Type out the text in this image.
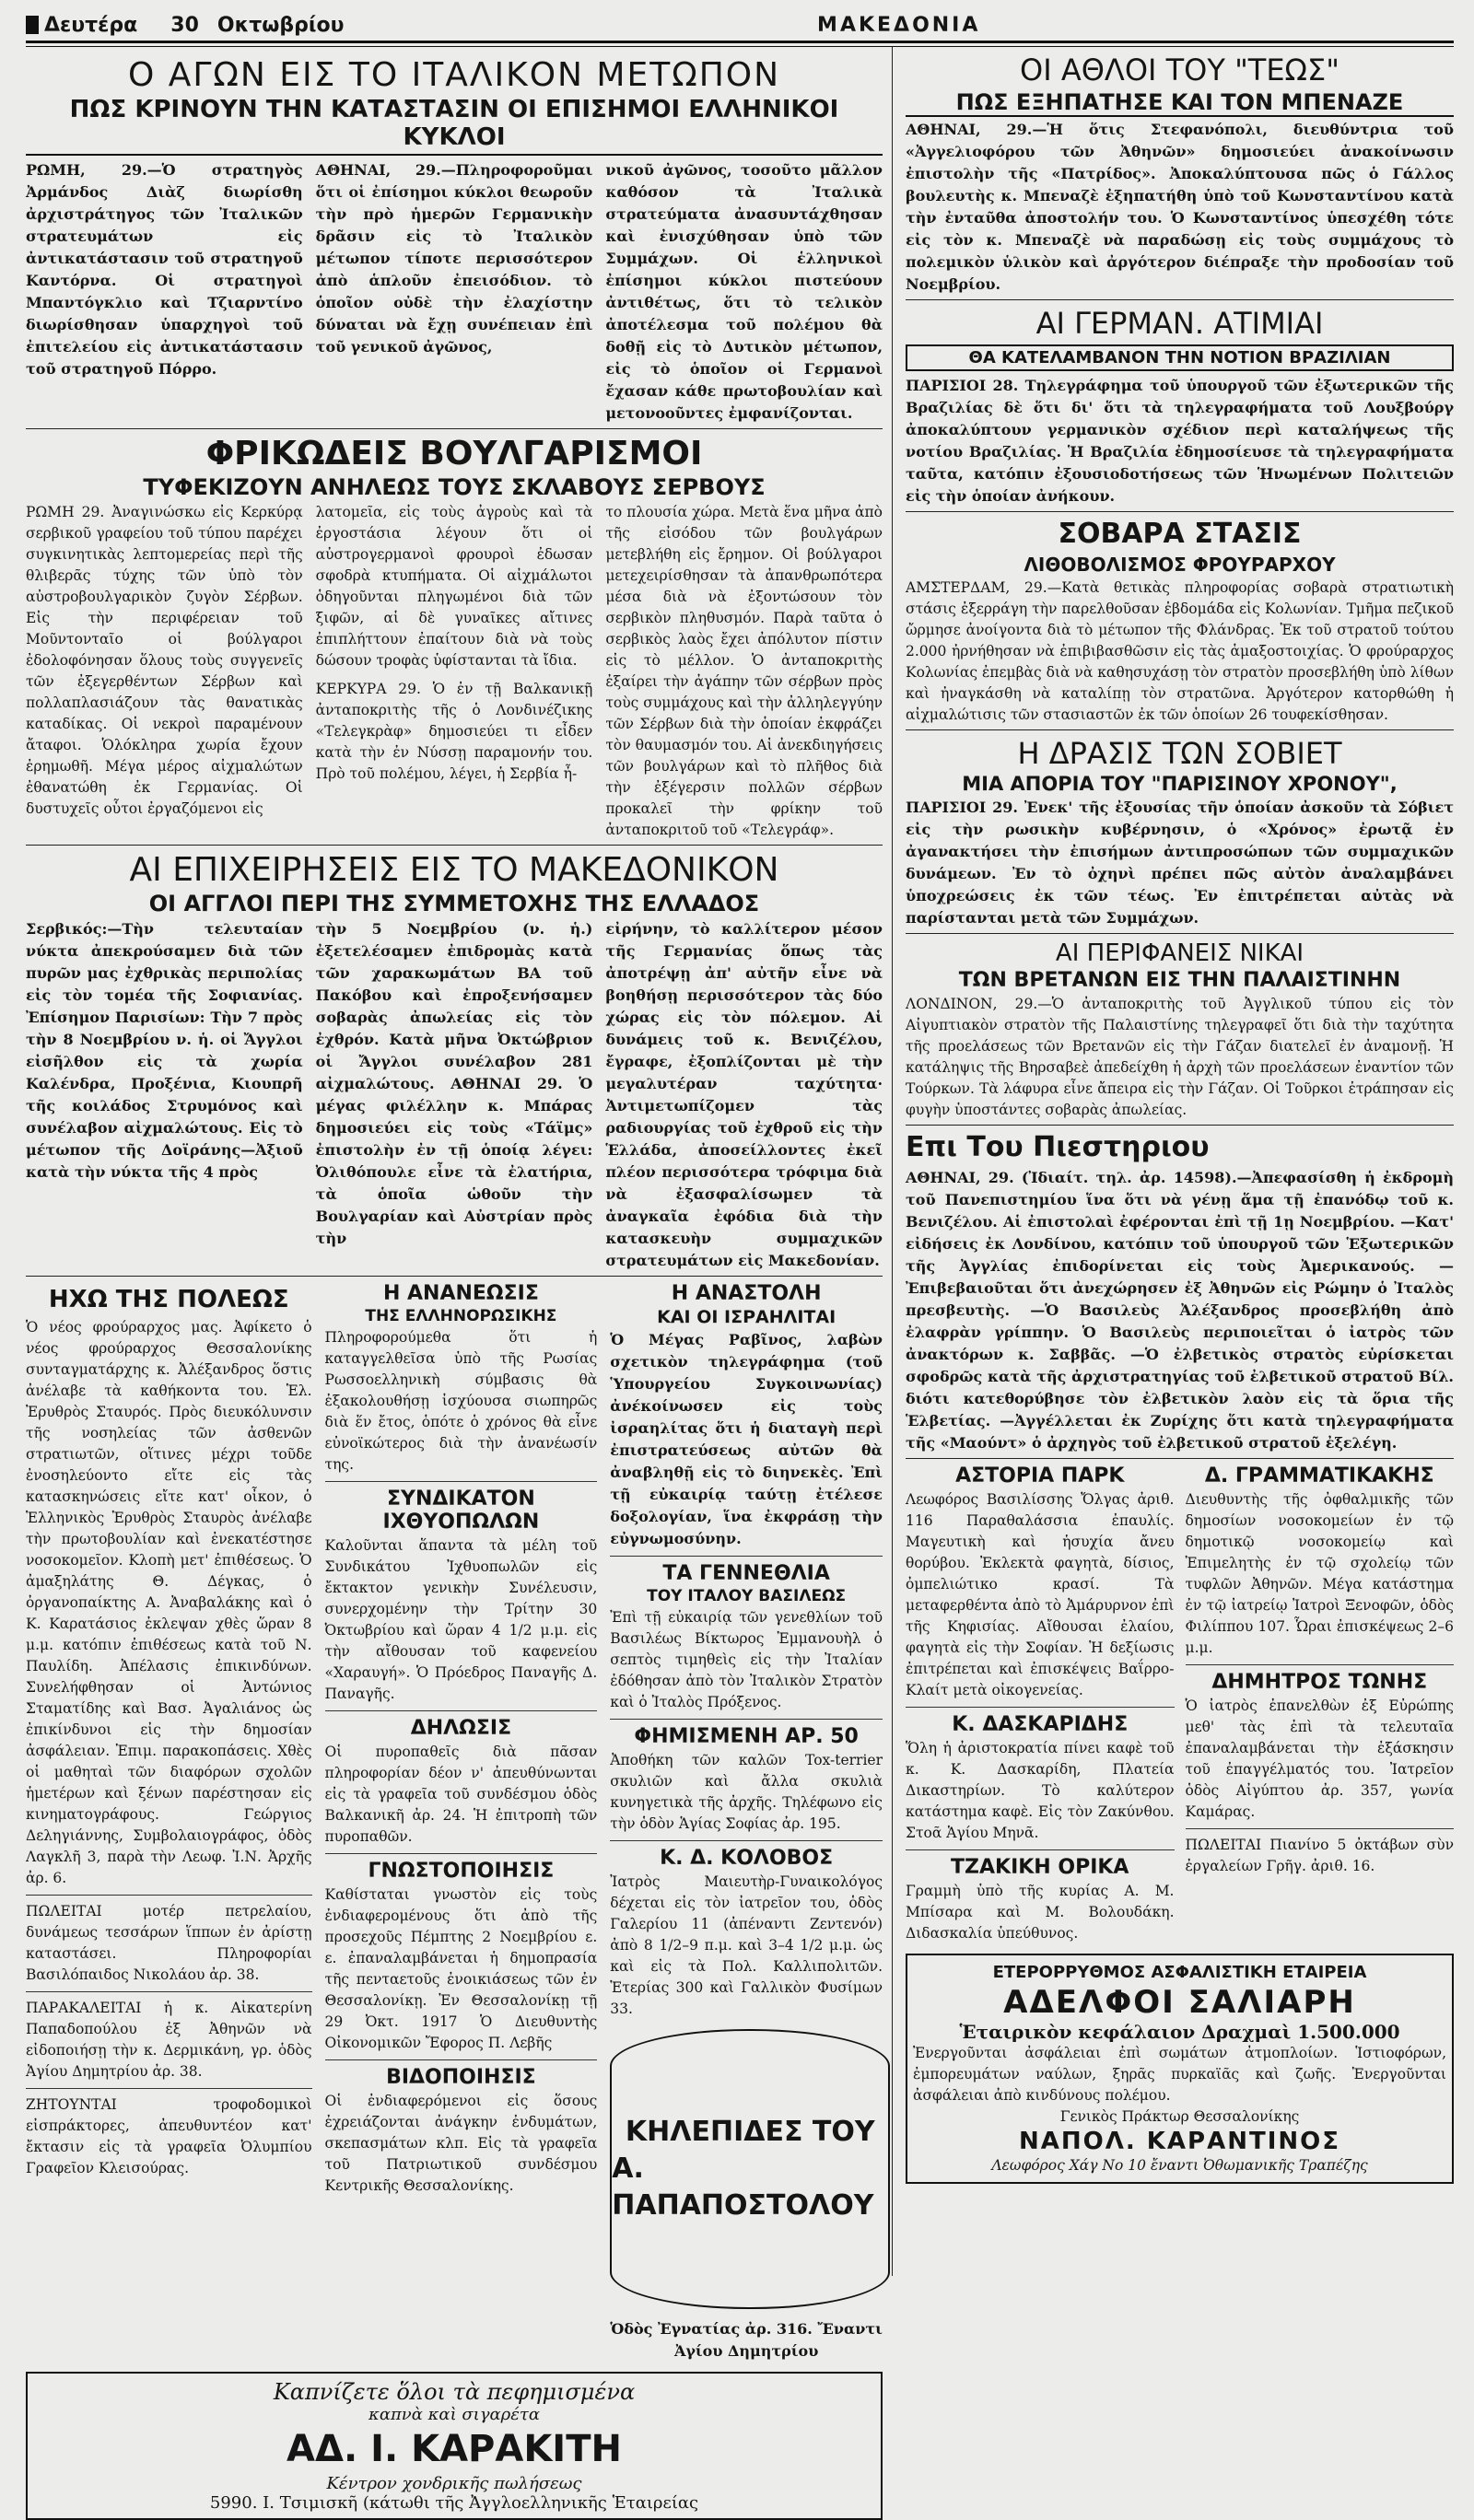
Δευτέρα 30 Οκτωβρίου	ΜΑΚΕΔΟΝΙΑ
Ο ΑΓΩΝ ΕΙΣ ΤΟ ΙΤΑΛΙΚΟΝ ΜΕΤΩΠΟΝ
ΠΩΣ ΚΡΙΝΟΥΝ ΤΗΝ ΚΑΤΑΣΤΑΣΙΝ ΟΙ ΕΠΙΣΗΜΟΙ ΕΛΛΗΝΙΚΟΙ ΚΥΚΛΟΙ

ΡΩΜΗ, 29.—Ὁ στρατηγὸς Ἀρμάνδος Διὰζ διωρίσθη ἀρχιστράτηγος τῶν Ἰταλικῶν στρατευμάτων εἰς ἀντικατάστασιν τοῦ στρατηγοῦ Καντόρνα. Οἱ στρατηγοὶ Μπαντόγκλιο καὶ Τζιαρντίνο διωρίσθησαν ὑπαρχηγοὶ τοῦ ἐπιτελείου εἰς ἀντικατάστασιν τοῦ στρατηγοῦ Πόρρο.

ΑΘΗΝΑΙ, 29.—Πληροφοροῦμαι ὅτι οἱ ἐπίσημοι κύκλοι θεωροῦν τὴν πρὸ ἡμερῶν Γερμανικὴν δρᾶσιν εἰς τὸ Ἰταλικὸν μέτωπον τίποτε περισσότερον ἀπὸ ἁπλοῦν ἐπεισόδιον. τὸ ὁποῖον οὐδὲ τὴν ἐλαχίστην δύναται νὰ ἔχῃ συνέπειαν ἐπὶ τοῦ γενικοῦ ἀγῶνος,

νικοῦ ἀγῶνος, τοσοῦτο μᾶλλον καθόσον τὰ Ἰταλικὰ στρατεύματα ἀνασυντάχθησαν καὶ ἐνισχύθησαν ὑπὸ τῶν Συμμάχων. Οἱ ἑλληνικοὶ ἐπίσημοι κύκλοι πιστεύουν ἀντιθέτως, ὅτι τὸ τελικὸν ἀποτέλεσμα τοῦ πολέμου θὰ δοθῇ εἰς τὸ Δυτικὸν μέτωπον, εἰς τὸ ὁποῖον οἱ Γερμανοὶ ἔχασαν κάθε πρωτοβουλίαν καὶ μετονοοῦντες ἐμφανίζονται.

ΦΡΙΚΩΔΕΙΣ ΒΟΥΛΓΑΡΙΣΜΟΙ
ΤΥΦΕΚΙΖΟΥΝ ΑΝΗΛΕΩΣ ΤΟΥΣ ΣΚΛΑΒΟΥΣ ΣΕΡΒΟΥΣ

ΡΩΜΗ 29. Ἀναγινώσκω εἰς Κερκύρᾳ σερβικοῦ γραφείου τοῦ τύπου παρέχει συγκινητικὰς λεπτομερείας περὶ τῆς θλιβερᾶς τύχης τῶν ὑπὸ τὸν αὐστροβουλγαρικὸν ζυγὸν Σέρβων. Εἰς τὴν περιφέρειαν τοῦ Μοῦντονταῖο οἱ βούλγαροι ἐδολοφόνησαν ὅλους τοὺς συγγενεῖς τῶν ἐξεγερθέντων Σέρβων καὶ πολλαπλασιάζουν τὰς θανατικὰς καταδίκας. Οἱ νεκροὶ παραμένουν ἄταφοι. Ὁλόκληρα χωρία ἔχουν ἐρημωθῆ. Μέγα μέρος αἰχμαλώτων ἐθανατώθη ἐκ Γερμανίας. Οἱ δυστυχεῖς οὗτοι ἐργαζόμενοι εἰς

λατομεῖα, εἰς τοὺς ἀγροὺς καὶ τὰ ἐργοστάσια λέγουν ὅτι οἱ αὐστρογερμανοὶ φρουροὶ ἐδωσαν σφοδρὰ κτυπήματα. Οἱ αἰχμάλωτοι ὁδηγοῦνται πληγωμένοι διὰ τῶν ξιφῶν, αἱ δὲ γυναῖκες αἴτινες ἐπιπλήττουν ἐπαίτουν διὰ νὰ τοὺς δώσουν τροφὰς ὑφίστανται τὰ ἴδια.

ΚΕΡΚΥΡΑ 29. Ὁ ἐν τῇ Βαλκανικῇ ἀνταποκριτὴς τῆς ὁ Λονδινέζικης «Τελεγκρὰφ» δημοσιεύει τι εἶδεν κατὰ τὴν ἐν Νύσσῃ παραμονήν του. Πρὸ τοῦ πολέμου, λέγει, ἡ Σερβία ἦ-

το πλουσία χώρα. Μετὰ ἕνα μῆνα ἀπὸ τῆς εἰσόδου τῶν βουλγάρων μετεβλήθη εἰς ἔρημον. Οἱ βούλγαροι μετεχειρίσθησαν τὰ ἀπανθρωπότερα μέσα διὰ νὰ ἐξοντώσουν τὸν σερβικὸν πληθυσμόν. Παρὰ ταῦτα ὁ σερβικὸς λαὸς ἔχει ἀπόλυτον πίστιν εἰς τὸ μέλλον. Ὁ ἀνταποκριτὴς ἐξαίρει τὴν ἀγάπην τῶν σέρβων πρὸς τοὺς συμμάχους καὶ τὴν ἀλληλεγγύην τῶν Σέρβων διὰ τὴν ὁποίαν ἐκφράζει τὸν θαυμασμόν του. Αἱ ἀνεκδιηγήσεις τῶν βουλγάρων καὶ τὸ πλῆθος διὰ τὴν ἐξέγερσιν πολλῶν σέρβων προκαλεῖ τὴν φρίκην τοῦ ἀνταποκριτοῦ τοῦ «Τελεγράφ».

ΑΙ ΕΠΙΧΕΙΡΗΣΕΙΣ ΕΙΣ ΤΟ ΜΑΚΕΔΟΝΙΚΟΝ
ΟΙ ΑΓΓΛΟΙ ΠΕΡΙ ΤΗΣ ΣΥΜΜΕΤΟΧΗΣ ΤΗΣ ΕΛΛΑΔΟΣ

Σερβικός:—Τὴν τελευταίαν νύκτα ἀπεκρούσαμεν διὰ τῶν πυρῶν μας ἐχθρικὰς περιπολίας εἰς τὸν τομέα τῆς Σοφιανίας. Ἐπίσημον Παρισίων: Τὴν 7 πρὸς τὴν 8 Νοεμβρίου ν. ἡ. οἱ Ἄγγλοι εἰσῆλθον εἰς τὰ χωρία Καλένδρα, Προξένια, Κιουπρῆ τῆς κοιλάδος Στρυμόνος καὶ συνέλαβον αἰχμαλώτους. Εἰς τὸ μέτωπον τῆς Δοϊράνης—Ἀξιοῦ κατὰ τὴν νύκτα τῆς 4 πρὸς

τὴν 5 Νοεμβρίου (ν. ἡ.) ἐξετελέσαμεν ἐπιδρομὰς κατὰ τῶν χαρακωμάτων ΒΑ τοῦ Πακόβου καὶ ἐπροξενήσαμεν σοβαρὰς ἀπωλείας εἰς τὸν ἐχθρόν. Κατὰ μῆνα Ὀκτώβριον οἱ Ἄγγλοι συνέλαβον 281 αἰχμαλώτους. ΑΘΗΝΑΙ 29. Ὁ μέγας φιλέλλην κ. Μπάρας δημοσιεύει εἰς τοὺς «Τάϊμς» ἐπιστολὴν ἐν τῇ ὁποίᾳ λέγει: Ὀλιθόπουλε εἶνε τὰ ἐλατήρια, τὰ ὁποῖα ὡθοῦν τὴν Βουλγαρίαν καὶ Αὐστρίαν πρὸς τὴν

εἰρήνην, τὸ καλλίτερον μέσον τῆς Γερμανίας ὅπως τὰς ἀποτρέψῃ ἀπ' αὐτῆν εἶνε νὰ βοηθήσῃ περισσότερον τὰς δύο χώρας εἰς τὸν πόλεμον. Αἱ δυνάμεις τοῦ κ. Βενιζέλου, ἔγραφε, ἐξοπλίζονται μὲ τὴν μεγαλυτέραν ταχύτητα· Ἀντιμετωπίζομεν τὰς ραδιουργίας τοῦ ἐχθροῦ εἰς τὴν Ἑλλάδα, ἀποσείλλοντες ἐκεῖ πλέον περισσότερα τρόφιμα διὰ νὰ ἐξασφαλίσωμεν τὰ ἀναγκαῖα ἐφόδια διὰ τὴν κατασκευὴν συμμαχικῶν στρατευμάτων εἰς Μακεδονίαν.

ΗΧΩ ΤΗΣ ΠΟΛΕΩΣ

Ὁ νέος φρούραρχος μας. Ἀφίκετο ὁ νέος φρούραρχος Θεσσαλονίκης συνταγματάρχης κ. Ἀλέξανδρος ὅστις ἀνέλαβε τὰ καθήκοντα του. Ἑλ. Ἐρυθρὸς Σταυρός. Πρὸς διευκόλυνσιν τῆς νοσηλείας τῶν ἀσθενῶν στρατιωτῶν, οἵτινες μέχρι τοῦδε ἐνοσηλεύοντο εἴτε εἰς τὰς κατασκηνώσεις εἴτε κατ' οἶκον, ὁ Ἑλληνικὸς Ἐρυθρὸς Σταυρὸς ἀνέλαβε τὴν πρωτοβουλίαν καὶ ἐνεκατέστησε νοσοκομεῖον. Κλοπὴ μετ' ἐπιθέσεως. Ὁ ἀμαξηλάτης Θ. Δέγκας, ὁ ὀργανοπαίκτης Α. Ἀναβαλάκης καὶ ὁ Κ. Καρατάσιος ἐκλεψαν χθὲς ὥραν 8 μ.μ. κατόπιν ἐπιθέσεως κατὰ τοῦ Ν. Παυλίδη. Ἀπέλασις ἐπικινδύνων. Συνελήφθησαν οἱ Ἀντώνιος Σταματίδης καὶ Βασ. Ἀγαλιάνος ὡς ἐπικίνδυνοι εἰς τὴν δημοσίαν ἀσφάλειαν. Ἐπιμ. παρακοπάσεις. Χθὲς οἱ μαθηταὶ τῶν διαφόρων σχολῶν ἡμετέρων καὶ ξένων παρέστησαν εἰς κινηματογράφους. Γεώργιος Δεληγιάννης, Συμβολαιογράφος, ὁδὸς Λαγκλῆ 3, παρὰ τὴν Λεωφ. Ἰ.Ν. Ἀρχῆς ἀρ. 6.

ΠΩΛΕΙΤΑΙ μοτέρ πετρελαίου, δυνάμεως τεσσάρων ἵππων ἐν ἀρίστῃ καταστάσει. Πληροφορίαι Βασιλόπαιδος Νικολάου ἀρ. 38.

ΠΑΡΑΚΑΛΕΙΤΑΙ ἡ κ. Αἰκατερίνη Παπαδοπούλου ἐξ Ἀθηνῶν νὰ εἰδοποιήσῃ τὴν κ. Δερμικάνη, γρ. ὁδὸς Ἀγίου Δημητρίου ἀρ. 38.

ΖΗΤΟΥΝΤΑΙ τροφοδομικοὶ εἰσπράκτορες, ἀπευθυντέον κατ' ἔκτασιν εἰς τὰ γραφεῖα Ὀλυμπίου Γραφεῖον Κλεισούρας.

Η ΑΝΑΝΕΩΣΙΣ
ΤΗΣ ΕΛΛΗΝΟΡΩΣΙΚΗΣ

Πληροφορούμεθα ὅτι ἡ καταγγελθεῖσα ὑπὸ τῆς Ρωσίας Ρωσσοελληνικὴ σύμβασις θὰ ἐξακολουθήσῃ ἰσχύουσα σιωπηρῶς διὰ ἕν ἔτος, ὁπότε ὁ χρόνος θὰ εἶνε εὐνοϊκώτερος διὰ τὴν ἀνανέωσίν της.

ΣΥΝΔΙΚΑΤΟΝ ΙΧΘΥΟΠΩΛΩΝ

Καλοῦνται ἅπαντα τὰ μέλη τοῦ Συνδικάτου Ἰχθυοπωλῶν εἰς ἔκτακτον γενικὴν Συνέλευσιν, συνερχομένην τὴν Τρίτην 30 Ὀκτωβρίου καὶ ὥραν 4 1/2 μ.μ. εἰς τὴν αἴθουσαν τοῦ καφενείου «Χαραυγή». Ὁ Πρόεδρος Παναγῆς Δ. Παναγῆς.

ΔΗΛΩΣΙΣ

Οἱ πυροπαθεῖς διὰ πᾶσαν πληροφορίαν δέον ν' ἀπευθύνωνται εἰς τὰ γραφεῖα τοῦ συνδέσμου ὁδὸς Βαλκανικῆ ἀρ. 24. Ἡ ἐπιτροπὴ τῶν πυροπαθῶν.

ΓΝΩΣΤΟΠΟΙΗΣΙΣ

Καθίσταται γνωστὸν εἰς τοὺς ἐνδιαφερομένους ὅτι ἀπὸ τῆς προσεχοῦς Πέμπτης 2 Νοεμβρίου ε. ε. ἐπαναλαμβάνεται ἡ δημοπρασία τῆς πενταετοῦς ἐνοικιάσεως τῶν ἐν Θεσσαλονίκῃ. Ἐν Θεσσαλονίκῃ τῇ 29 Ὀκτ. 1917 Ὁ Διευθυντὴς Οἰκονομικῶν Ἔφορος Π. Λεβῆς

ΒΙΔΟΠΟΙΗΣΙΣ

Οἱ ἐνδιαφερόμενοι εἰς ὅσους ἐχρειάζονται ἀνάγκην ἐνδυμάτων, σκεπασμάτων κλπ. Εἰς τὰ γραφεῖα τοῦ Πατριωτικοῦ συνδέσμου Κεντρικῆς Θεσσαλονίκης.

Η ΑΝΑΣΤΟΛΗ
ΚΑΙ ΟΙ ΙΣΡΑΗΛΙΤΑΙ

Ὁ Μέγας Ραβῖνος, λαβὼν σχετικὸν τηλεγράφημα (τοῦ Ὑπουργείου Συγκοινωνίας) ἀνέκοίνωσεν εἰς τοὺς ἰσραηλίτας ὅτι ἡ διαταγὴ περὶ ἐπιστρατεύσεως αὐτῶν θὰ ἀναβληθῇ εἰς τὸ διηνεκὲς. Ἐπὶ τῇ εὐκαιρίᾳ ταύτῃ ἐτέλεσε δοξολογίαν, ἵνα ἐκφράσῃ τὴν εὐγνωμοσύνην.

ΤΑ ΓΕΝΝΕΘΛΙΑ
ΤΟΥ ΙΤΑΛΟΥ ΒΑΣΙΛΕΩΣ

Ἐπὶ τῇ εὐκαιρίᾳ τῶν γενεθλίων τοῦ Βασιλέως Βίκτωρος Ἐμμανουὴλ ὁ σεπτὸς τιμηθεὶς εἰς τὴν Ἰταλίαν ἐδόθησαν ἀπὸ τὸν Ἰταλικὸν Στρατὸν καὶ ὁ Ἰταλὸς Πρόξενος.

ΦΗΜΙΣΜΕΝΗ ΑΡ. 50

Ἀποθήκη τῶν καλῶν Tox-terrier σκυλιῶν καὶ ἄλλα σκυλιὰ κυνηγετικὰ τῆς ἀρχῆς. Τηλέφωνο εἰς τὴν ὁδὸν Ἁγίας Σοφίας ἀρ. 195.

Κ. Δ. ΚΟΛΟΒΟΣ

Ἰατρὸς Μαιευτὴρ-Γυναικολόγος δέχεται εἰς τὸν ἰατρεῖον του, ὁδὸς Γαλερίου 11 (ἀπέναντι Ζεντενόν) ἀπὸ 8 1/2–9 π.μ. καὶ 3–4 1/2 μ.μ. ὡς καὶ εἰς τὰ Πολ. Καλλιπολιτῶν. Ἑτερίας 300 καὶ Γαλλικὸν Φυσίμων 33.

ΚΗΛΕΠΙΔΕΣ ΤΟΥ
Α. ΠΑΠΑΠΟΣΤΟΛΟΥ

Ὁδὸς Ἐγνατίας ἀρ. 316. Ἔναντι Ἀγίου Δημητρίου

Καπνίζετε ὅλοι τὰ πεφημισμένα
καπνὰ καὶ σιγαρέτα
ΑΔ. Ι. ΚΑΡΑΚΙΤΗ
Κέντρον χονδρικῆς πωλήσεως
5990. Ι. Τσιμισκῆ (κάτωθι τῆς Ἀγγλοελληνικῆς Ἑταιρείας
ΟΙ ΑΘΛΟΙ ΤΟΥ "ΤΕΩΣ"
ΠΩΣ ΕΞΗΠΑΤΗΣΕ ΚΑΙ ΤΟΝ ΜΠΕΝΑΖΕ

ΑΘΗΝΑΙ, 29.—Ἡ ὅτις Στεφανόπολι, διευθύντρια τοῦ «Ἀγγελιοφόρου τῶν Ἀθηνῶν» δημοσιεύει ἀνακοίνωσιν ἐπιστολὴν τῆς «Πατρίδος». Ἀποκαλύπτουσα πῶς ὁ Γάλλος βουλευτὴς κ. Μπεναζὲ ἐξηπατήθη ὑπὸ τοῦ Κωνσταντίνου κατὰ τὴν ἐνταῦθα ἀποστολήν του. Ὁ Κωνσταντίνος ὑπεσχέθη τότε εἰς τὸν κ. Μπεναζὲ νὰ παραδώσῃ εἰς τοὺς συμμάχους τὸ πολεμικὸν ὑλικὸν καὶ ἀργότερον διέπραξε τὴν προδοσίαν τοῦ Νοεμβρίου.

ΑΙ ΓΕΡΜΑΝ. ΑΤΙΜΙΑΙ
ΘΑ ΚΑΤΕΛΑΜΒΑΝΟΝ ΤΗΝ ΝΟΤΙΟΝ ΒΡΑΖΙΛΙΑΝ

ΠΑΡΙΣΙΟΙ 28. Τηλεγράφημα τοῦ ὑπουργοῦ τῶν ἐξωτερικῶν τῆς Βραζιλίας δὲ ὅτι δι' ὅτι τὰ τηλεγραφήματα τοῦ Λουξβούργ ἀποκαλύπτουν γερμανικὸν σχέδιον περὶ καταλήψεως τῆς νοτίου Βραζιλίας. Ἡ Βραζιλία ἐδημοσίευσε τὰ τηλεγραφήματα ταῦτα, κατόπιν ἐξουσιοδοτήσεως τῶν Ἡνωμένων Πολιτειῶν εἰς τὴν ὁποίαν ἀνήκουν.

ΣΟΒΑΡΑ ΣΤΑΣΙΣ
ΛΙΘΟΒΟΛΙΣΜΟΣ ΦΡΟΥΡΑΡΧΟΥ

ΑΜΣΤΕΡΔΑΜ, 29.—Κατὰ θετικὰς πληροφορίας σοβαρὰ στρατιωτικὴ στάσις ἐξερράγη τὴν παρελθοῦσαν ἐβδομάδα εἰς Κολωνίαν. Τμῆμα πεζικοῦ ὤρμησε ἀνοίγοντα διὰ τὸ μέτωπον τῆς Φλάνδρας. Ἐκ τοῦ στρατοῦ τούτου 2.000 ἠρνήθησαν νὰ ἐπιβιβασθῶσιν εἰς τὰς ἁμαξοστοιχίας. Ὁ φρούραρχος Κολωνίας ἐπεμβὰς διὰ νὰ καθησυχάσῃ τὸν στρατὸν προσεβλήθη ὑπὸ λίθων καὶ ἠναγκάσθη νὰ καταλίπῃ τὸν στρατῶνα. Ἀργότερον κατορθώθη ἡ αἰχμαλώτισις τῶν στασιαστῶν ἐκ τῶν ὁποίων 26 τουφεκίσθησαν.

Η ΔΡΑΣΙΣ ΤΩΝ ΣΟΒΙΕΤ
ΜΙΑ ΑΠΟΡΙΑ ΤΟΥ "ΠΑΡΙΣΙΝΟΥ ΧΡΟΝΟΥ",

ΠΑΡΙΣΙΟΙ 29. Ἐνεκ' τῆς ἐξουσίας τῆν ὁποίαν ἀσκοῦν τὰ Σόβιετ εἰς τὴν ρωσικὴν κυβέρνησιν, ὁ «Χρόνος» ἐρωτᾷ ἐν ἀγανακτήσει τὴν ἐπισήμων ἀντιπροσώπων τῶν συμμαχικῶν δυνάμεων. Ἐν τὸ ὀχηνὶ πρέπει πῶς αὐτὸν ἀναλαμβάνει ὑποχρεώσεις ἐκ τῶν τέως. Ἐν ἐπιτρέπεται αὐτὰς νὰ παρίστανται μετὰ τῶν Συμμάχων.

ΑΙ ΠΕΡΙΦΑΝΕΙΣ ΝΙΚΑΙ
ΤΩΝ ΒΡΕΤΑΝΩΝ ΕΙΣ ΤΗΝ ΠΑΛΑΙΣΤΙΝΗΝ

ΛΟΝΔΙΝΟΝ, 29.—Ὁ ἀνταποκριτὴς τοῦ Ἀγγλικοῦ τύπου εἰς τὸν Αἰγυπτιακὸν στρατὸν τῆς Παλαιστίνης τηλεγραφεῖ ὅτι διὰ τὴν ταχύτητα τῆς προελάσεως τῶν Βρετανῶν εἰς τὴν Γάζαν διατελεῖ ἐν ἀναμονῇ. Ἡ κατάληψις τῆς Βηρσαβεὲ ἀπεδείχθη ἡ ἀρχὴ τῶν προελάσεων ἐναντίον τῶν Τούρκων. Τὰ λάφυρα εἶνε ἄπειρα εἰς τὴν Γάζαν. Οἱ Τοῦρκοι ἐτράπησαν εἰς φυγὴν ὑποστάντες σοβαρὰς ἀπωλείας.

Επι Του Πιεστηριου

ΑΘΗΝΑΙ, 29. (Ἰδιαίτ. τηλ. ἀρ. 14598).—Ἀπεφασίσθη ἡ ἐκδρομὴ τοῦ Πανεπιστημίου ἵνα ὅτι νὰ γένῃ ἅμα τῇ ἐπανόδῳ τοῦ κ. Βενιζέλου. Αἱ ἐπιστολαὶ ἐφέρονται ἐπὶ τῇ 1ῃ Νοεμβρίου. —Κατ' εἰδήσεις ἐκ Λονδίνου, κατόπιν τοῦ ὑπουργοῦ τῶν Ἑξωτερικῶν τῆς Ἀγγλίας ἐπιδορίνεται εἰς τοὺς Ἀμερικανούς. —Ἐπιβεβαιοῦται ὅτι ἀνεχώρησεν ἐξ Ἀθηνῶν εἰς Ρώμην ὁ Ἰταλὸς πρεσβευτὴς. —Ὁ Βασιλεὺς Ἀλέξανδρος προσεβλήθη ἀπὸ ἐλαφρὰν γρίππην. Ὁ Βασιλεὺς περιποιεῖται ὁ ἰατρὸς τῶν ἀνακτόρων κ. Σαββᾶς. —Ὁ ἐλβετικὸς στρατὸς εὑρίσκεται σφοδρῶς κατὰ τῆς ἀρχιστρατηγίας τοῦ ἐλβετικοῦ στρατοῦ Βίλ. διότι κατεθορύβησε τὸν ἐλβετικὸν λαὸν εἰς τὰ ὅρια τῆς Ἑλβετίας. —Ἀγγέλλεται ἐκ Ζυρίχης ὅτι κατὰ τηλεγραφήματα τῆς «Μαούντ» ὁ ἀρχηγὸς τοῦ ἐλβετικοῦ στρατοῦ ἐξελέγη.

ΑΣΤΟΡΙΑ ΠΑΡΚ

Λεωφόρος Βασιλίσσης Ὄλγας ἀριθ. 116 Παραθαλάσσια ἐπαυλίς. Μαγευτικὴ καὶ ἡσυχία ἄνευ θορύβου. Ἐκλεκτὰ φαγητὰ, δίσιος, ὀμπελιώτικο κρασί. Τὰ μεταφερθέντα ἀπὸ τὸ Ἀμάρυρνον ἐπὶ τῆς Κηφισίας. Αἴθουσαι ἐλαίου, φαγητὰ εἰς τὴν Σοφίαν. Ἡ δεξίωσις ἐπιτρέπεται καὶ ἐπισκέψεις Βαΐρρο-Κλαίτ μετὰ οἰκογενείας.

Κ. ΔΑΣΚΑΡΙΔΗΣ

Ὅλη ἡ ἀριστοκρατία πίνει καφὲ τοῦ κ. Κ. Δασκαρίδη, Πλατεία Δικαστηρίων. Τὸ καλύτερον κατάστημα καφὲ. Εἰς τὸν Ζακύνθου. Στοᾶ Ἁγίου Μηνᾶ.

ΤΖΑΚΙΚΗ ΟΡΙΚΑ

Γραμμὴ ὑπὸ τῆς κυρίας Α. Μ. Μπίσαρα καὶ Μ. Βολουδάκη. Διδασκαλία ὑπεύθυνος.

Δ. ΓΡΑΜΜΑΤΙΚΑΚΗΣ

Διευθυντὴς τῆς ὀφθαλμικῆς τῶν δημοσίων νοσοκομείων ἐν τῷ δημοτικῷ νοσοκομείῳ καὶ Ἐπιμελητὴς ἐν τῷ σχολείῳ τῶν τυφλῶν Ἀθηνῶν. Μέγα κατάστημα ἐν τῷ ἰατρείῳ Ἰατροὶ Ξενοφῶν, ὁδὸς Φιλίππου 107. Ὧραι ἐπισκέψεως 2–6 μ.μ.

ΔΗΜΗΤΡΟΣ ΤΩΝΗΣ

Ὁ ἰατρὸς ἐπανελθὼν ἐξ Εὐρώπης μεθ' τὰς ἐπὶ τὰ τελευταῖα ἐπαναλαμβάνεται τὴν ἐξάσκησιν τοῦ ἐπαγγέλματός του. Ἰατρεῖον ὁδὸς Αἰγύπτου ἀρ. 357, γωνία Καμάρας.

ΠΩΛΕΙΤΑΙ Πιανίνο 5 ὀκτάβων σὺν ἐργαλείων Γρῆγ. ἀριθ. 16.

ΕΤΕΡΟΡΡΥΘΜΟΣ ΑΣΦΑΛΙΣΤΙΚΗ ΕΤΑΙΡΕΙΑ
ΑΔΕΛΦΟΙ ΣΑΛΙΑΡΗ
Ἑταιρικὸν κεφάλαιον Δραχμαὶ 1.500.000

Ἐνεργοῦνται ἀσφάλειαι ἐπὶ σωμάτων ἀτμοπλοίων. Ἱστιοφόρων, ἐμπορευμάτων ναύλων, ξηρᾶς πυρκαϊᾶς καὶ ζωῆς. Ἐνεργοῦνται ἀσφάλειαι ἀπὸ κινδύνους πολέμου.

Γενικὸς Πράκτωρ Θεσσαλονίκης
ΝΑΠΟΛ. ΚΑΡΑΝΤΙΝΟΣ
Λεωφόρος Χάγ Νο 10 ἔναντι Ὀθωμανικῆς Τραπέζης
